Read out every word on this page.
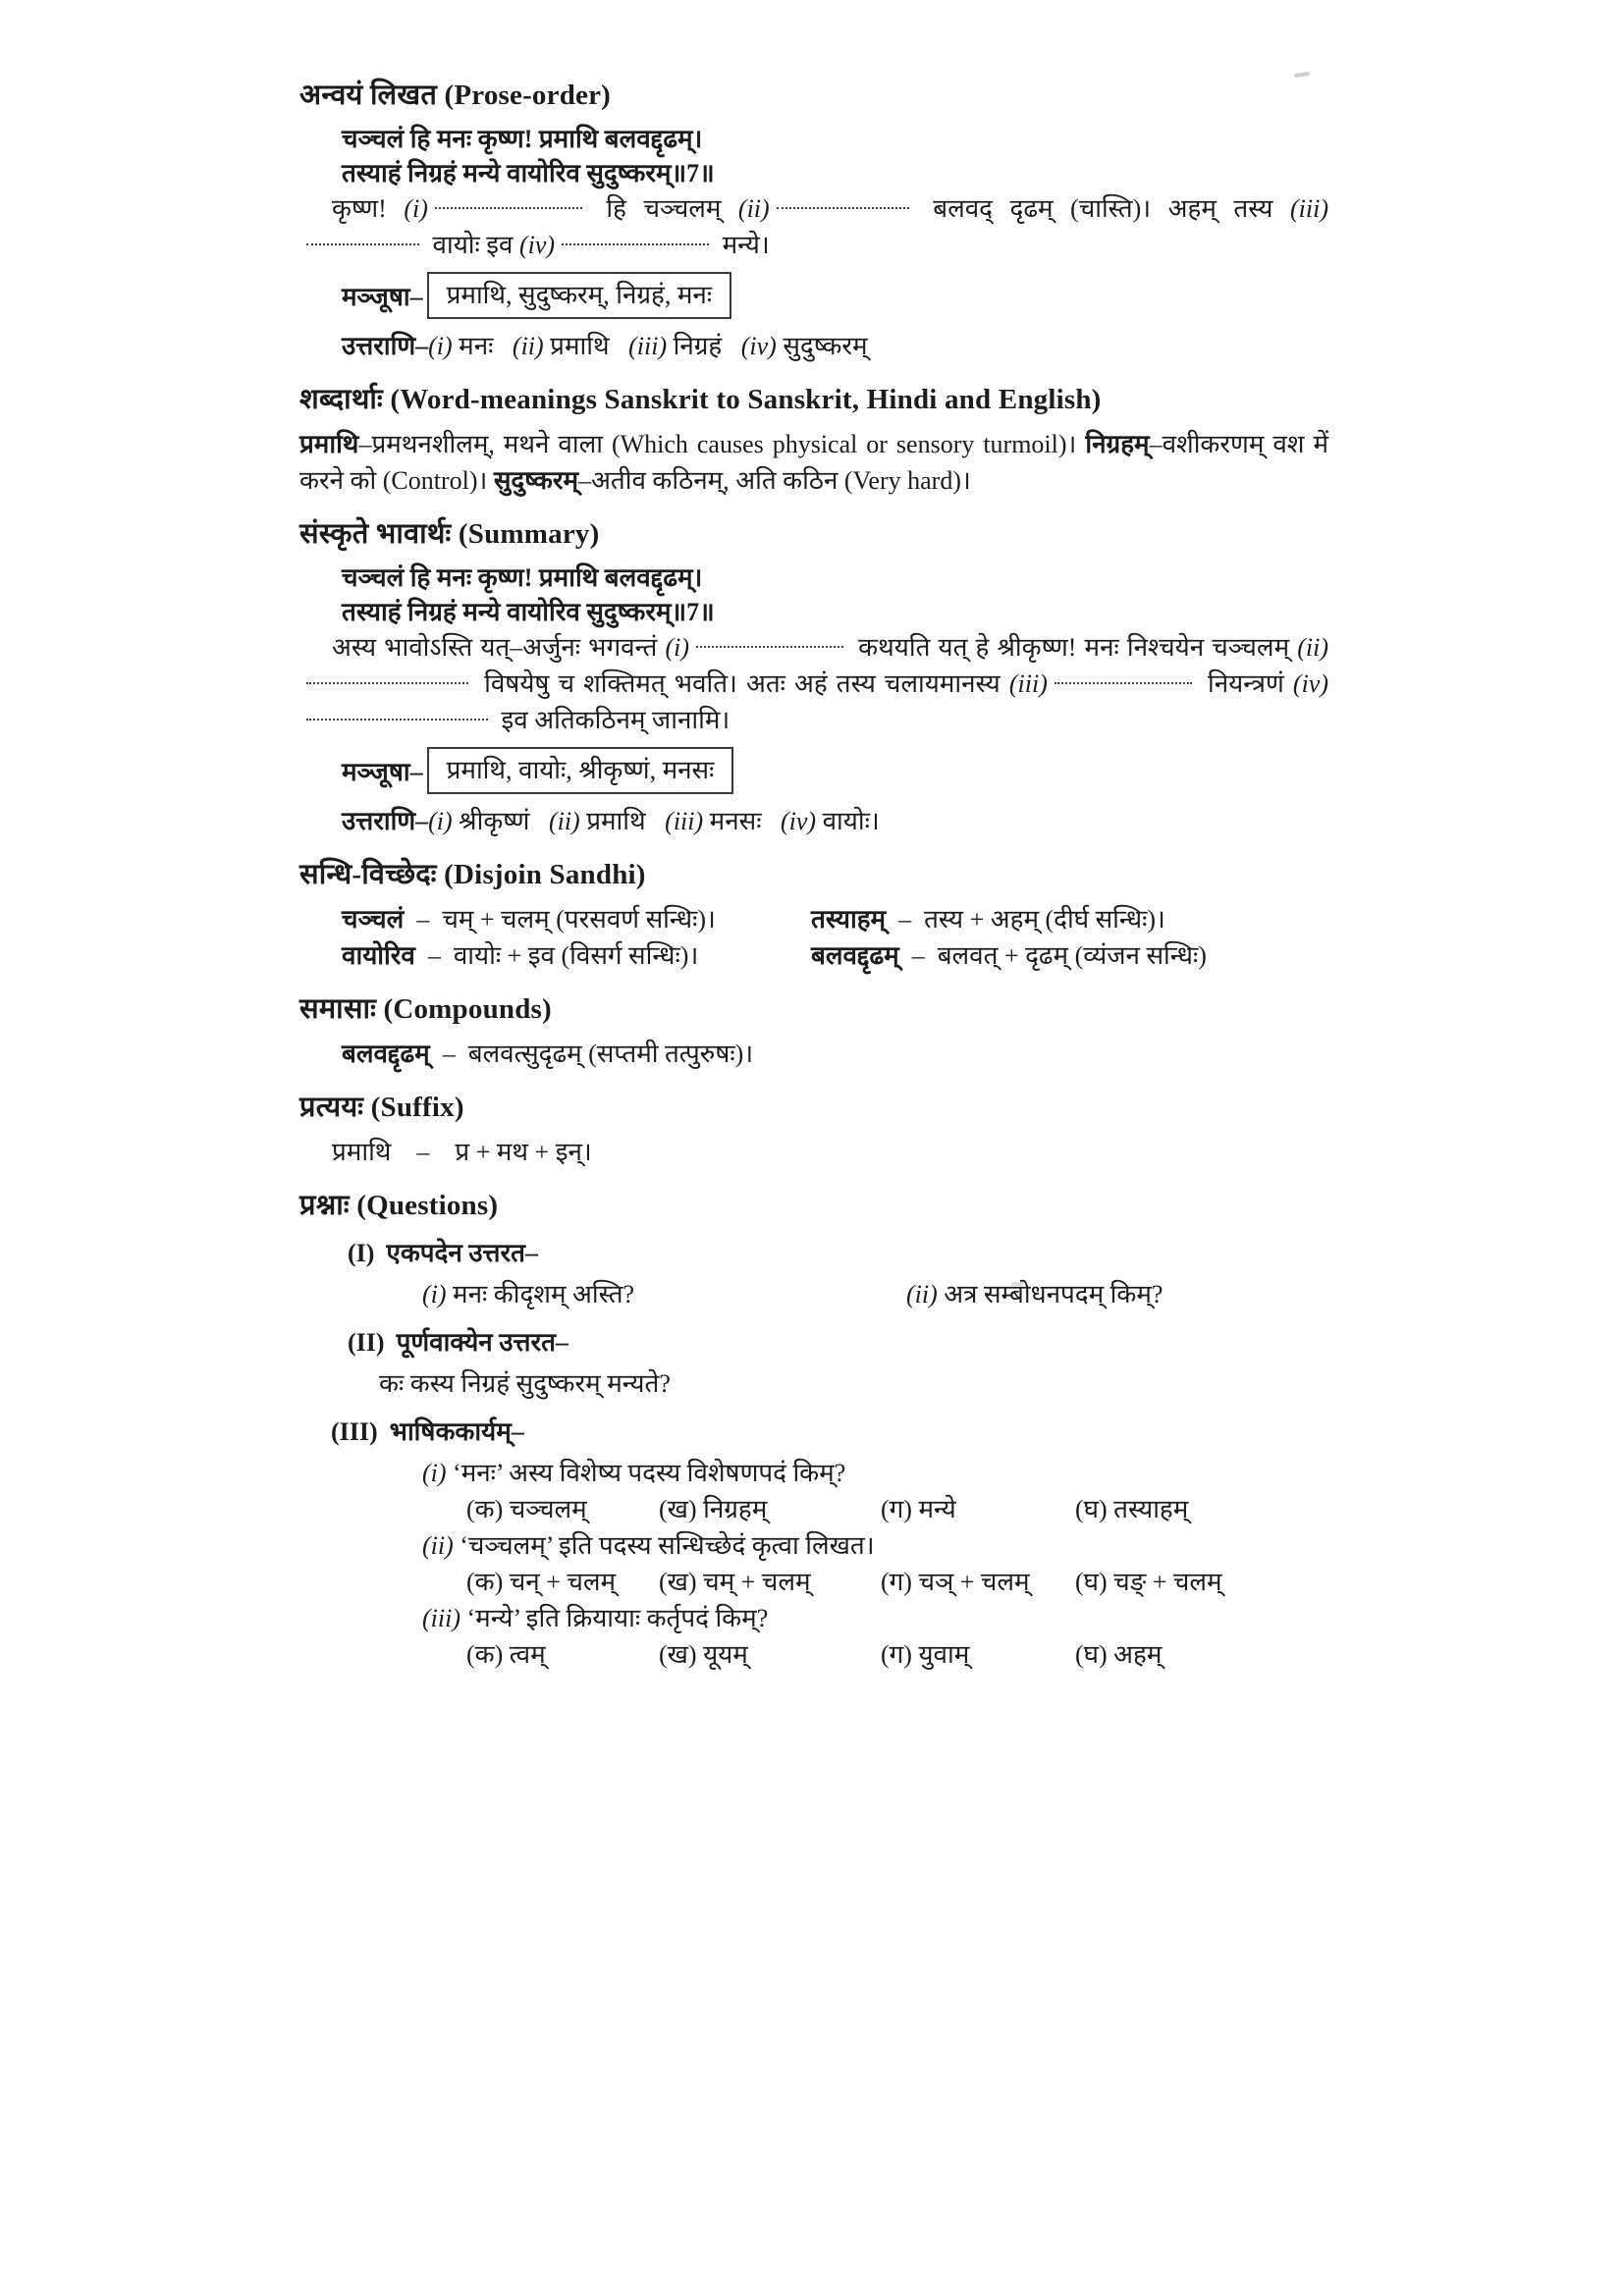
अन्वयं लिखत (Prose-order)

चञ्चलं हि मनः कृष्ण! प्रमाथि बलवद्दृढम्।

तस्याहं निग्रहं मन्ये वायोरिव सुदुष्करम्॥7॥

कृष्ण! (i)	हि चञ्चलम् (ii)	बलवद् दृढम् (चास्ति)। अहम् तस्य (iii) वायोः इव (iv)	मन्ये।

मञ्जूषा– प्रमाथि, सुदुष्करम्, निग्रहं, मनः

उत्तराणि–(i) मनः  (ii) प्रमाथि  (iii) निग्रहं  (iv) सुदुष्करम्

शब्दार्थाः (Word-meanings Sanskrit to Sanskrit, Hindi and English)

प्रमाथि–प्रमथनशीलम्, मथने वाला (Which causes physical or sensory turmoil)। निग्रहम्–वशीकरणम् वश में करने को (Control)। सुदुष्करम्–अतीव कठिनम्, अति कठिन (Very hard)।

संस्कृते भावार्थः (Summary)

चञ्चलं हि मनः कृष्ण! प्रमाथि बलवद्दृढम्।

तस्याहं निग्रहं मन्ये वायोरिव सुदुष्करम्॥7॥

अस्य भावोऽस्ति यत्–अर्जुनः भगवन्तं (i)	कथयति यत् हे श्रीकृष्ण! मनः निश्चयेन चञ्चलम् (ii) विषयेषु च शक्तिमत् भवति। अतः अहं तस्य चलायमानस्य (iii)	नियन्त्रणं (iv) इव अतिकठिनम् जानामि।

मञ्जूषा– प्रमाथि, वायोः, श्रीकृष्णं, मनसः

उत्तराणि–(i) श्रीकृष्णं  (ii) प्रमाथि  (iii) मनसः  (iv) वायोः।

सन्धि-विच्छेदः (Disjoin Sandhi)
चञ्चलं – चम् + चलम् (परसवर्ण सन्धिः)।	तस्याहम् – तस्य + अहम् (दीर्घ सन्धिः)।
वायोरिव – वायोः + इव (विसर्ग सन्धिः)।	बलवद्दृढम् – बलवत् + दृढम् (व्यंजन सन्धिः)
समासाः (Compounds)

बलवद्दृढम् – बलवत्सुदृढम् (सप्तमी तत्पुरुषः)।

प्रत्ययः (Suffix)

प्रमाथि – प्र + मथ + इन्।

प्रश्नाः (Questions)

(I) एकपदेन उत्तरत–

(i) मनः कीदृशम् अस्ति?	(ii) अत्र सम्बोधनपदम् किम्?

(II) पूर्णवाक्येन उत्तरत–

कः कस्य निग्रहं सुदुष्करम् मन्यते?

(III) भाषिककार्यम्–

(i) ‘मनः’ अस्य विशेष्य पदस्य विशेषणपदं किम्?

(क) चञ्चलम्	(ख) निग्रहम्	(ग) मन्ये	(घ) तस्याहम्

(ii) ‘चञ्चलम्’ इति पदस्य सन्धिच्छेदं कृत्वा लिखत।

(क) चन् + चलम्	(ख) चम् + चलम्	(ग) चञ् + चलम्	(घ) चङ् + चलम्

(iii) ‘मन्ये’ इति क्रियायाः कर्तृपदं किम्?

(क) त्वम्	(ख) यूयम्	(ग) युवाम्	(घ) अहम्
